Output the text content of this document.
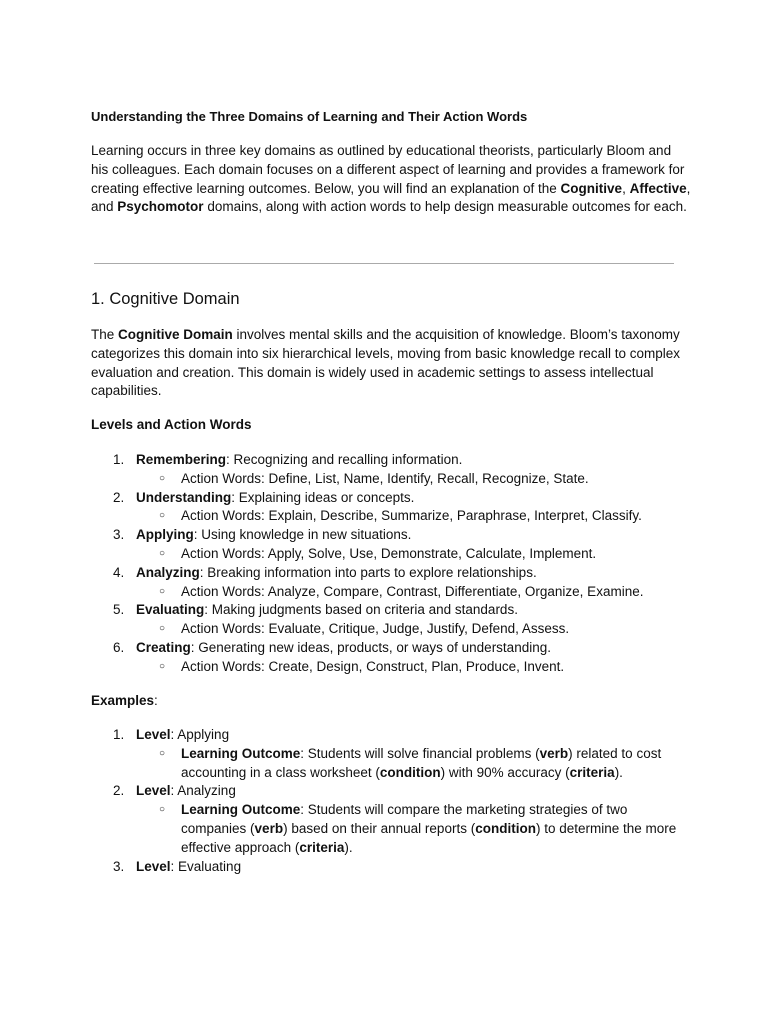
Understanding the Three Domains of Learning and Their Action Words

Learning occurs in three key domains as outlined by educational theorists, particularly Bloom and his colleagues. Each domain focuses on a different aspect of learning and provides a framework for creating effective learning outcomes. Below, you will find an explanation of the Cognitive, Affective, and Psychomotor domains, along with action words to help design measurable outcomes for each.

1. Cognitive Domain

The Cognitive Domain involves mental skills and the acquisition of knowledge. Bloom’s taxonomy categorizes this domain into six hierarchical levels, moving from basic knowledge recall to complex evaluation and creation. This domain is widely used in academic settings to assess intellectual capabilities.

Levels and Action Words

1. Remembering: Recognizing and recalling information.
○ Action Words: Define, List, Name, Identify, Recall, Recognize, State.
2. Understanding: Explaining ideas or concepts.
○ Action Words: Explain, Describe, Summarize, Paraphrase, Interpret, Classify.
3. Applying: Using knowledge in new situations.
○ Action Words: Apply, Solve, Use, Demonstrate, Calculate, Implement.
4. Analyzing: Breaking information into parts to explore relationships.
○ Action Words: Analyze, Compare, Contrast, Differentiate, Organize, Examine.
5. Evaluating: Making judgments based on criteria and standards.
○ Action Words: Evaluate, Critique, Judge, Justify, Defend, Assess.
6. Creating: Generating new ideas, products, or ways of understanding.
○ Action Words: Create, Design, Construct, Plan, Produce, Invent.

Examples:

1. Level: Applying
○ Learning Outcome: Students will solve financial problems (verb) related to cost accounting in a class worksheet (condition) with 90% accuracy (criteria).
2. Level: Analyzing
○ Learning Outcome: Students will compare the marketing strategies of two companies (verb) based on their annual reports (condition) to determine the more effective approach (criteria).
3. Level: Evaluating
